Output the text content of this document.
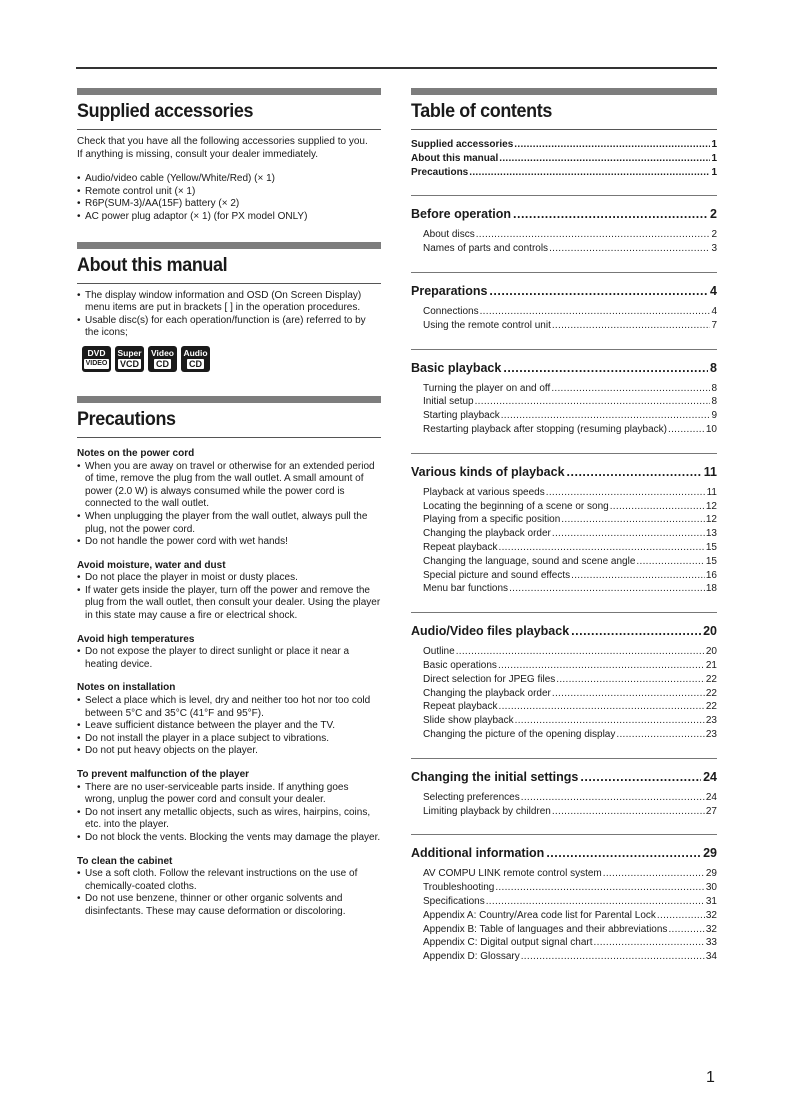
Supplied accessories

Check that you have all the following accessories supplied to you.

If anything is missing, consult your dealer immediately.

• Audio/video cable (Yellow/White/Red) (× 1)
• Remote control unit (× 1)
• R6P(SUM-3)/AA(15F) battery (× 2)
• AC power plug adaptor (× 1) (for PX model ONLY)
About this manual
• The display window information and OSD (On Screen Display) menu items are put in brackets [ ] in the operation procedures.
• Usable disc(s) for each operation/function is (are) referred to by the icons;
DVD
VIDEO
Super
VCD
Video
CD
Audio
CD
Precautions
Notes on the power cord
• When you are away on travel or otherwise for an extended period of time, remove the plug from the wall outlet. A small amount of power (2.0 W) is always consumed while the power cord is connected to the wall outlet.
• When unplugging the player from the wall outlet, always pull the plug, not the power cord.
• Do not handle the power cord with wet hands!
Avoid moisture, water and dust
• Do not place the player in moist or dusty places.
• If water gets inside the player, turn off the power and remove the plug from the wall outlet, then consult your dealer. Using the player in this state may cause a fire or electrical shock.
Avoid high temperatures
• Do not expose the player to direct sunlight or place it near a heating device.
Notes on installation
• Select a place which is level, dry and neither too hot nor too cold between 5°C and 35°C (41°F and 95°F).
• Leave sufficient distance between the player and the TV.
• Do not install the player in a place subject to vibrations.
• Do not put heavy objects on the player.
To prevent malfunction of the player
• There are no user-serviceable parts inside. If anything goes wrong, unplug the power cord and consult your dealer.
• Do not insert any metallic objects, such as wires, hairpins, coins, etc. into the player.
• Do not block the vents. Blocking the vents may damage the player.
To clean the cabinet
• Use a soft cloth. Follow the relevant instructions on the use of chemically-coated cloths.
• Do not use benzene, thinner or other organic solvents and disinfectants. These may cause deformation or discoloring.
Table of contents
Supplied accessories .....	1
About this manual .....	1
Precautions .....	1
Before operation .....	2
About discs .....	2
Names of parts and controls .....	3
Preparations .....	4
Connections .....	4
Using the remote control unit .....	7
Basic playback .....	8
Turning the player on and off .....	8
Initial setup .....	8
Starting playback .....	9
Restarting playback after stopping (resuming playback) .....	10
Various kinds of playback .....	11
Playback at various speeds .....	11
Locating the beginning of a scene or song .....	12
Playing from a specific position .....	12
Changing the playback order .....	13
Repeat playback .....	15
Changing the language, sound and scene angle .....	15
Special picture and sound effects .....	16
Menu bar functions .....	18
Audio/Video files playback .....	20
Outline .....	20
Basic operations .....	21
Direct selection for JPEG files .....	22
Changing the playback order .....	22
Repeat playback .....	22
Slide show playback .....	23
Changing the picture of the opening display .....	23
Changing the initial settings .....	24
Selecting preferences .....	24
Limiting playback by children .....	27
Additional information .....	29
AV COMPU LINK remote control system .....	29
Troubleshooting .....	30
Specifications .....	31
Appendix A: Country/Area code list for Parental Lock .....	32
Appendix B: Table of languages and their abbreviations .....	32
Appendix C: Digital output signal chart .....	33
Appendix D: Glossary .....	34
1
